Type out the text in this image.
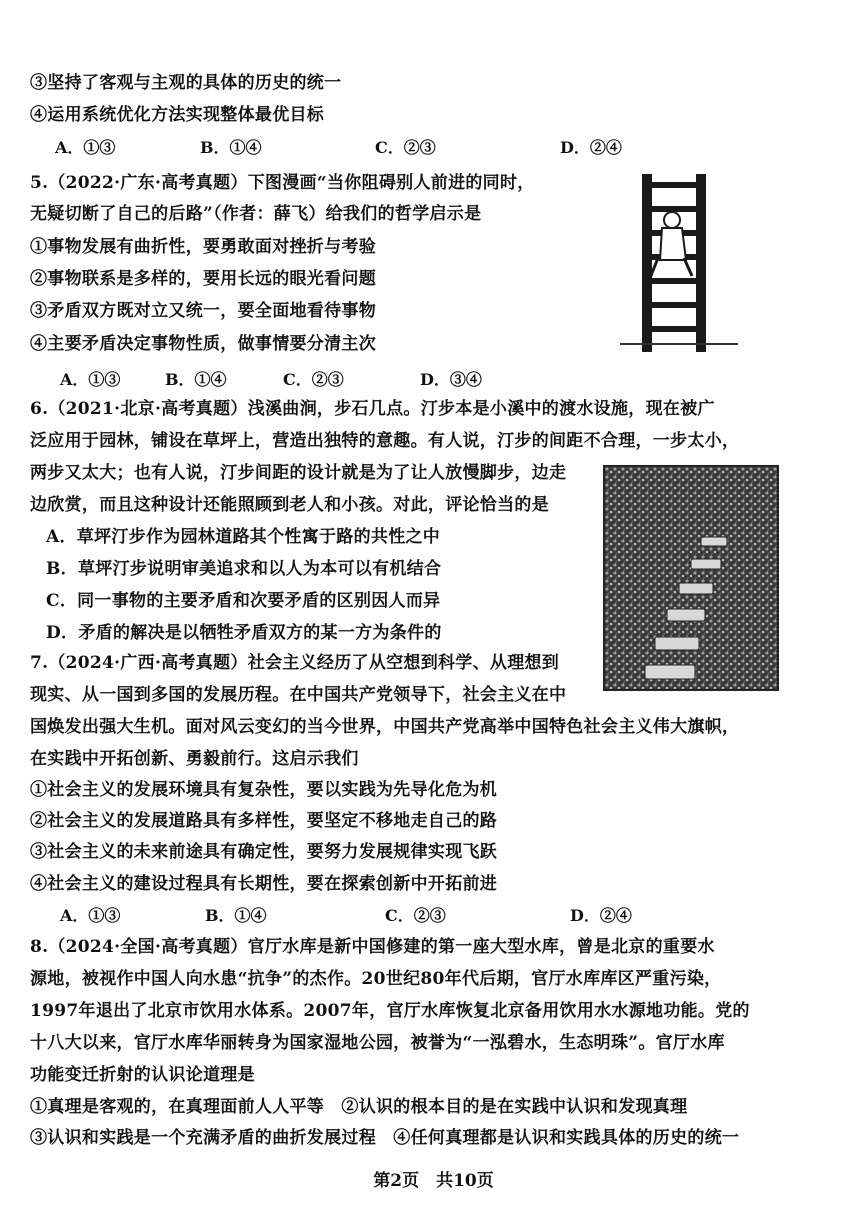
③坚持了客观与主观的具体的历史的统一
④运用系统优化方法实现整体最优目标
A．①③	B．①④	C．②③	D．②④
5.（2022·广东·高考真题）下图漫画“当你阻碍别人前进的同时，
无疑切断了自己的后路”（作者：薛飞）给我们的哲学启示是
①事物发展有曲折性，要勇敢面对挫折与考验
②事物联系是多样的，要用长远的眼光看问题
③矛盾双方既对立又统一，要全面地看待事物
④主要矛盾决定事物性质，做事情要分清主次
A．①③	B．①④	C．②③	D．③④
6.（2021·北京·高考真题）浅溪曲涧，步石几点。汀步本是小溪中的渡水设施，现在被广
泛应用于园林，铺设在草坪上，营造出独特的意趣。有人说，汀步的间距不合理，一步太小，
两步又太大；也有人说，汀步间距的设计就是为了让人放慢脚步，边走
边欣赏，而且这种设计还能照顾到老人和小孩。对此，评论恰当的是
A．草坪汀步作为园林道路其个性寓于路的共性之中
B．草坪汀步说明审美追求和以人为本可以有机结合
C．同一事物的主要矛盾和次要矛盾的区别因人而异
D．矛盾的解决是以牺牲矛盾双方的某一方为条件的
7.（2024·广西·高考真题）社会主义经历了从空想到科学、从理想到
现实、从一国到多国的发展历程。在中国共产党领导下，社会主义在中
国焕发出强大生机。面对风云变幻的当今世界，中国共产党高举中国特色社会主义伟大旗帜，
在实践中开拓创新、勇毅前行。这启示我们
①社会主义的发展环境具有复杂性，要以实践为先导化危为机
②社会主义的发展道路具有多样性，要坚定不移地走自己的路
③社会主义的未来前途具有确定性，要努力发展规律实现飞跃
④社会主义的建设过程具有长期性，要在探索创新中开拓前进
A．①③	B．①④	C．②③	D．②④
8.（2024·全国·高考真题）官厅水库是新中国修建的第一座大型水库，曾是北京的重要水
源地，被视作中国人向水患“抗争”的杰作。20世纪80年代后期，官厅水库库区严重污染，
1997年退出了北京市饮用水体系。2007年，官厅水库恢复北京备用饮用水水源地功能。党的
十八大以来，官厅水库华丽转身为国家湿地公园，被誉为“一泓碧水，生态明珠”。官厅水库
功能变迁折射的认识论道理是
①真理是客观的，在真理面前人人平等　②认识的根本目的是在实践中认识和发现真理
③认识和实践是一个充满矛盾的曲折发展过程　④任何真理都是认识和实践具体的历史的统一
第2页　共10页
